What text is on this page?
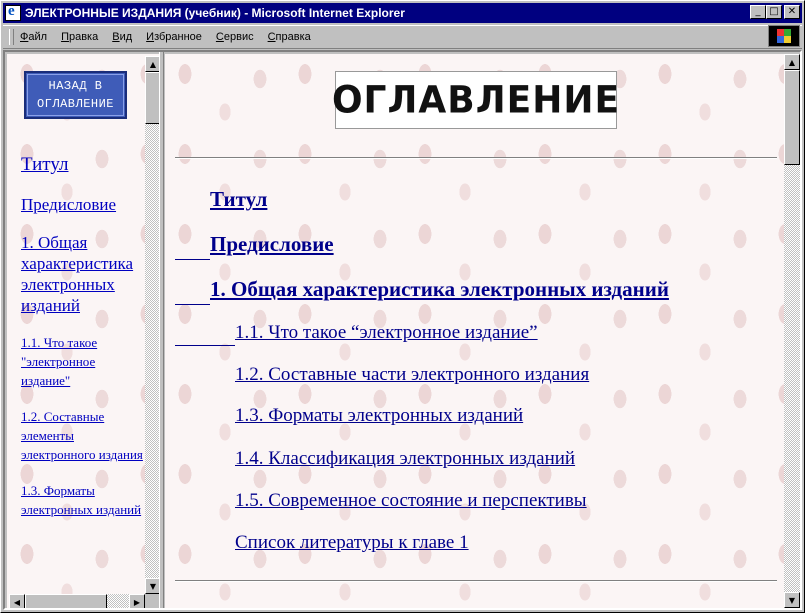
e
ЭЛЕКТРОННЫЕ ИЗДАНИЯ (учебник) - Microsoft Internet Explorer	_ □ ✕
Файл Правка Вид Избранное Сервис Справка
НАЗАД В
ОГЛАВЛЕНИЕ
Титул
Предисловие
1. Общая характеристика электронных изданий
1.1. Что такое "электронное издание"
1.2. Составные элементы электронного издания
1.3. Форматы электронных изданий
▲
▼
◀	▶
ОГЛАВЛЕНИЕ
Титул
Предисловие
1. Общая характеристика электронных изданий
1.1. Что такое “электронное издание”
1.2. Составные части электронного издания
1.3. Форматы электронных изданий
1.4. Классификация электронных изданий
1.5. Современное состояние и перспективы
Список литературы к главе 1
▲
▼
